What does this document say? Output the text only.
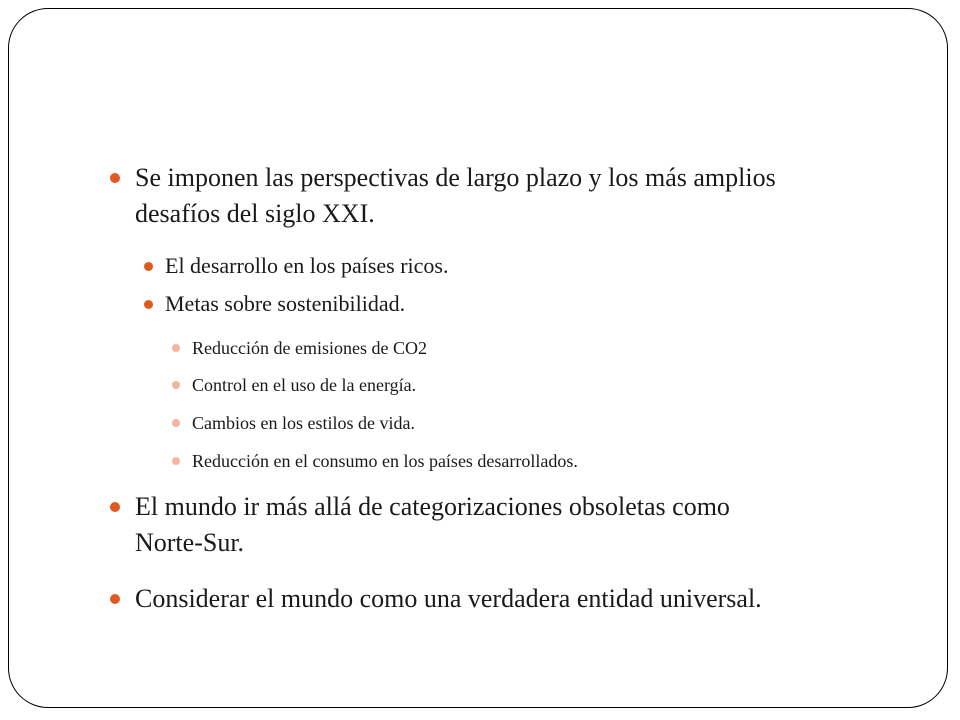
Se imponen las perspectivas de largo plazo y los más amplios
desafíos del siglo XXI.
El desarrollo en los países ricos.
Metas sobre sostenibilidad.
Reducción de emisiones de CO2
Control en el uso de la energía.
Cambios en los estilos de vida.
Reducción en el consumo en los países desarrollados.
El mundo ir más allá de categorizaciones obsoletas como
Norte-Sur.
Considerar el mundo como una verdadera entidad universal.
